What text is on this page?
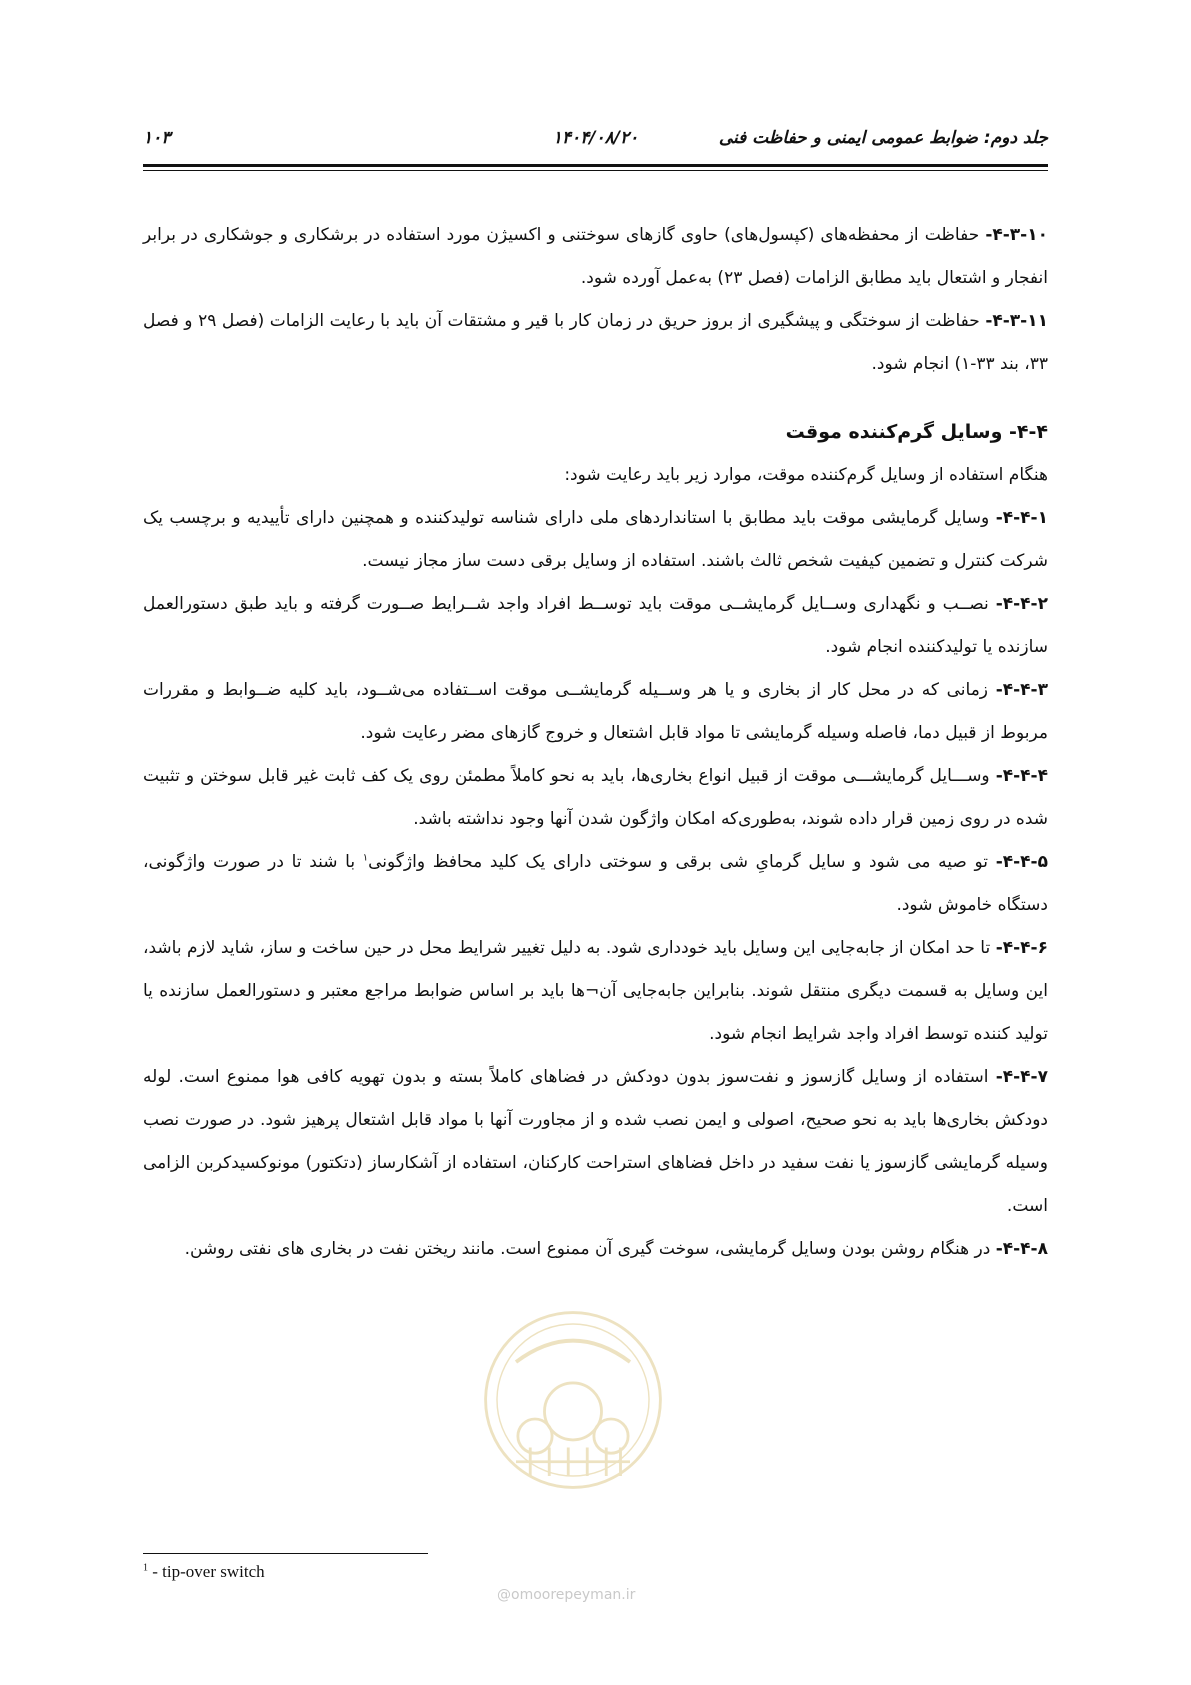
جلد دوم: ضوابط عمومی ایمنی و حفاظت فنی
۱۴۰۴/۰۸/۲۰
۱۰۳

۴-۳-۱۰- حفاظت از محفظه‌های (کپسول‌های) حاوی گازهای سوختنی و اکسیژن مورد استفاده در برشکاری و جوشکاری در برابر انفجار و اشتعال باید مطابق الزامات (فصل ۲۳) به‌عمل آورده شود.

۴-۳-۱۱- حفاظت از سوختگی و پیشگیری از بروز حریق در زمان کار با قیر و مشتقات آن باید با رعایت الزامات (فصل ۲۹ و فصل ۳۳، بند ۳۳-۱) انجام شود.

۴-۴- وسایل گرم‌کننده موقت

هنگام استفاده از وسایل گرم‌کننده موقت، موارد زیر باید رعایت شود:

۴-۴-۱- وسایل گرمایشی موقت باید مطابق با استانداردهای ملی دارای شناسه تولیدکننده و همچنین دارای تأییدیه و برچسب یک شرکت کنترل و تضمین کیفیت شخص ثالث باشند. استفاده از وسایل برقی دست ساز مجاز نیست.

۴-۴-۲- نصــب و نگهداری وســایل گرمایشــی موقت باید توســط افراد واجد شــرایط صــورت گرفته و باید طبق دستورالعمل سازنده یا تولیدکننده انجام شود.

۴-۴-۳- زمانی که در محل کار از بخاری و یا هر وســیله گرمایشــی موقت اســتفاده می‌شــود، باید کلیه ضــوابط و مقررات مربوط از قبیل دما، فاصله وسیله گرمایشی تا مواد قابل اشتعال و خروج گازهای مضر رعایت شود.

۴-۴-۴- وســـایل گرمایشـــی موقت از قبیل انواع بخاری‌ها، باید به نحو کاملاً مطمئن روی یک کف ثابت غیر قابل سوختن و تثبیت شده در روی زمین قرار داده شوند، به‌طوری‌که امکان واژگون شدن آنها وجود نداشته باشد.

۴-۴-۵- تو صیه می شود و سایل گرمایِ شی برقی و سوختی دارای یک کلید محافظ واژگونی$^۱$ با شند تا در صورت واژگونی، دستگاه خاموش شود.

۴-۴-۶- تا حد امکان از جابه‌جایی این وسایل باید خودداری شود. به دلیل تغییر شرایط محل در حین ساخت و ساز، شاید لازم باشد، این وسایل به قسمت دیگری منتقل شوند. بنابراین جابه‌جایی آن¬ها باید بر اساس ضوابط مراجع معتبر و دستورالعمل سازنده یا تولید کننده توسط افراد واجد شرایط انجام شود.

۴-۴-۷- استفاده از وسایل گازسوز و نفت‌سوز بدون دودکش در فضاهای کاملاً بسته و بدون تهویه کافی هوا ممنوع است. لوله دودکش بخاری‌ها باید به نحو صحیح، اصولی و ایمن نصب شده و از مجاورت آنها با مواد قابل اشتعال پرهیز شود. در صورت نصب وسیله گرمایشی گازسوز یا نفت سفید در داخل فضاهای استراحت کارکنان، استفاده از آشکارساز (دتکتور) مونوکسیدکربن الزامی است.

۴-۴-۸- در هنگام روشن بودن وسایل گرمایشی، سوخت گیری آن ممنوع است. مانند ریختن نفت در بخاری های نفتی روشن.

@omoorepeyman.ir
$^1$ - tip-over switch
